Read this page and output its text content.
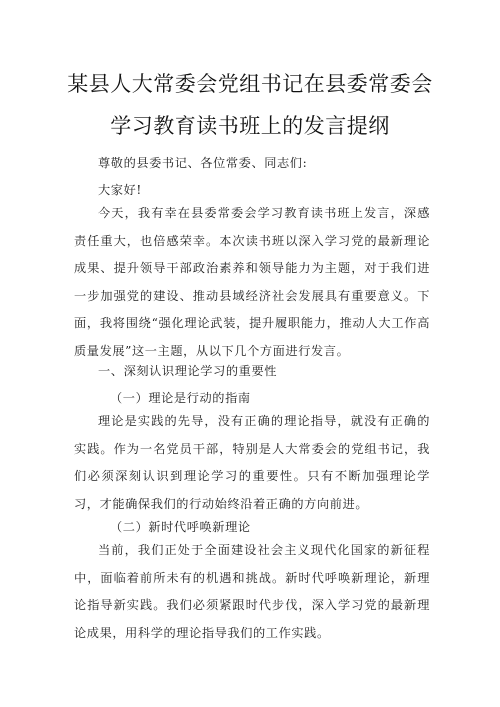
某县人大常委会党组书记在县委常委会
学习教育读书班上的发言提纲
尊敬的县委书记、各位常委、同志们:
大家好!

今天，我有幸在县委常委会学习教育读书班上发言，深感责任重大，也倍感荣幸。本次读书班以深入学习党的最新理论成果、提升领导干部政治素养和领导能力为主题，对于我们进一步加强党的建设、推动县域经济社会发展具有重要意义。下面，我将围绕“强化理论武装，提升履职能力，推动人大工作高质量发展”这一主题，从以下几个方面进行发言。

一、深刻认识理论学习的重要性
（一）理论是行动的指南

理论是实践的先导，没有正确的理论指导，就没有正确的实践。作为一名党员干部，特别是人大常委会的党组书记，我们必须深刻认识到理论学习的重要性。只有不断加强理论学习，才能确保我们的行动始终沿着正确的方向前进。

（二）新时代呼唤新理论

当前，我们正处于全面建设社会主义现代化国家的新征程中，面临着前所未有的机遇和挑战。新时代呼唤新理论，新理论指导新实践。我们必须紧跟时代步伐，深入学习党的最新理论成果，用科学的理论指导我们的工作实践。
